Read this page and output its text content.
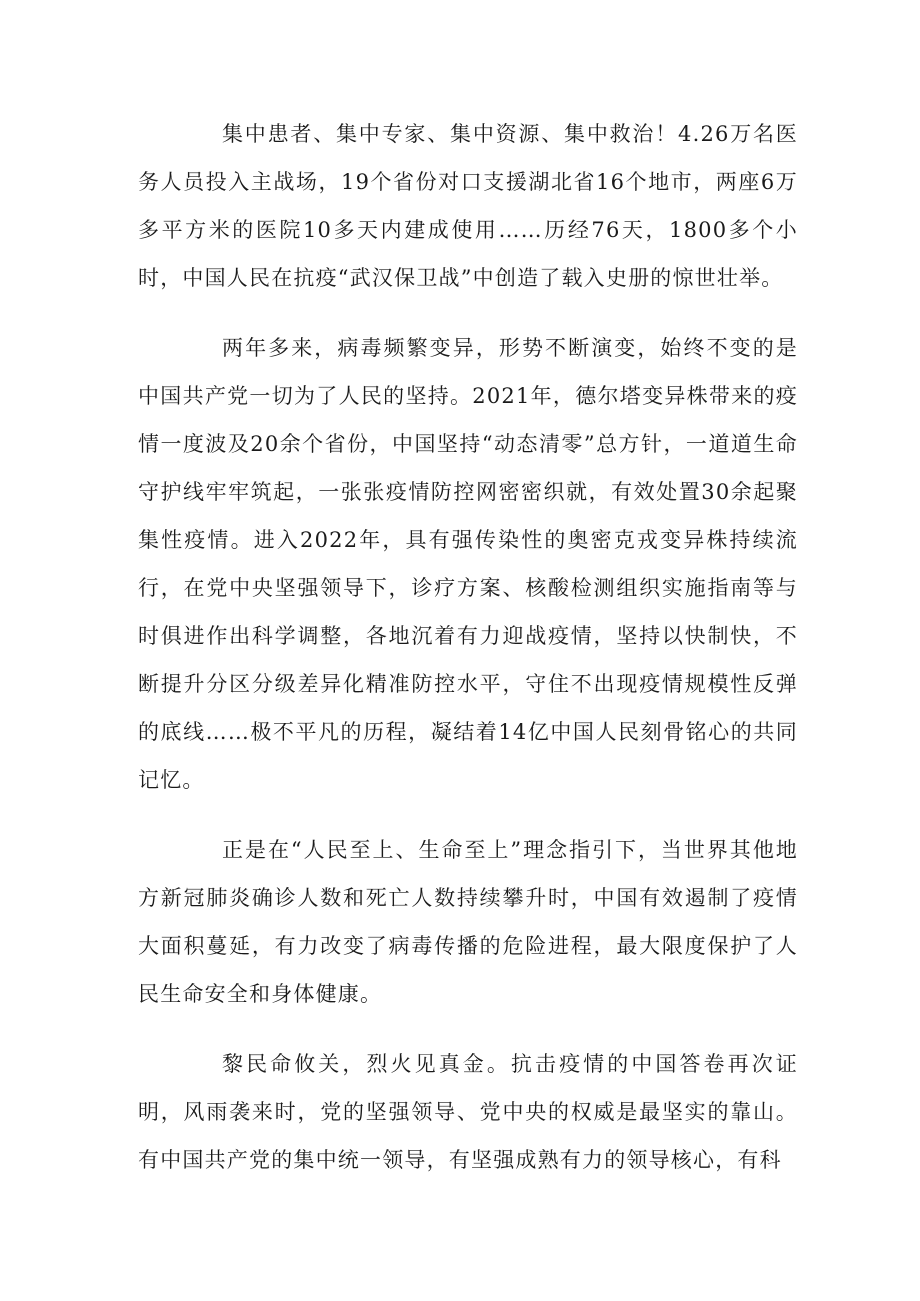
集中患者、集中专家、集中资源、集中救治！4.26万名医务人员投入主战场，19个省份对口支援湖北省16个地市，两座6万多平方米的医院10多天内建成使用……历经76天，1800多个小时，中国人民在抗疫“武汉保卫战”中创造了载入史册的惊世壮举。

两年多来，病毒频繁变异，形势不断演变，始终不变的是中国共产党一切为了人民的坚持。2021年，德尔塔变异株带来的疫情一度波及20余个省份，中国坚持“动态清零”总方针，一道道生命守护线牢牢筑起，一张张疫情防控网密密织就，有效处置30余起聚集性疫情。进入2022年，具有强传染性的奥密克戎变异株持续流行，在党中央坚强领导下，诊疗方案、核酸检测组织实施指南等与时俱进作出科学调整，各地沉着有力迎战疫情，坚持以快制快，不断提升分区分级差异化精准防控水平，守住不出现疫情规模性反弹的底线……极不平凡的历程，凝结着14亿中国人民刻骨铭心的共同记忆。

正是在“人民至上、生命至上”理念指引下，当世界其他地方新冠肺炎确诊人数和死亡人数持续攀升时，中国有效遏制了疫情大面积蔓延，有力改变了病毒传播的危险进程，最大限度保护了人民生命安全和身体健康。

黎民命攸关，烈火见真金。抗击疫情的中国答卷再次证明，风雨袭来时，党的坚强领导、党中央的权威是最坚实的靠山。有中国共产党的集中统一领导，有坚强成熟有力的领导核心，有科
